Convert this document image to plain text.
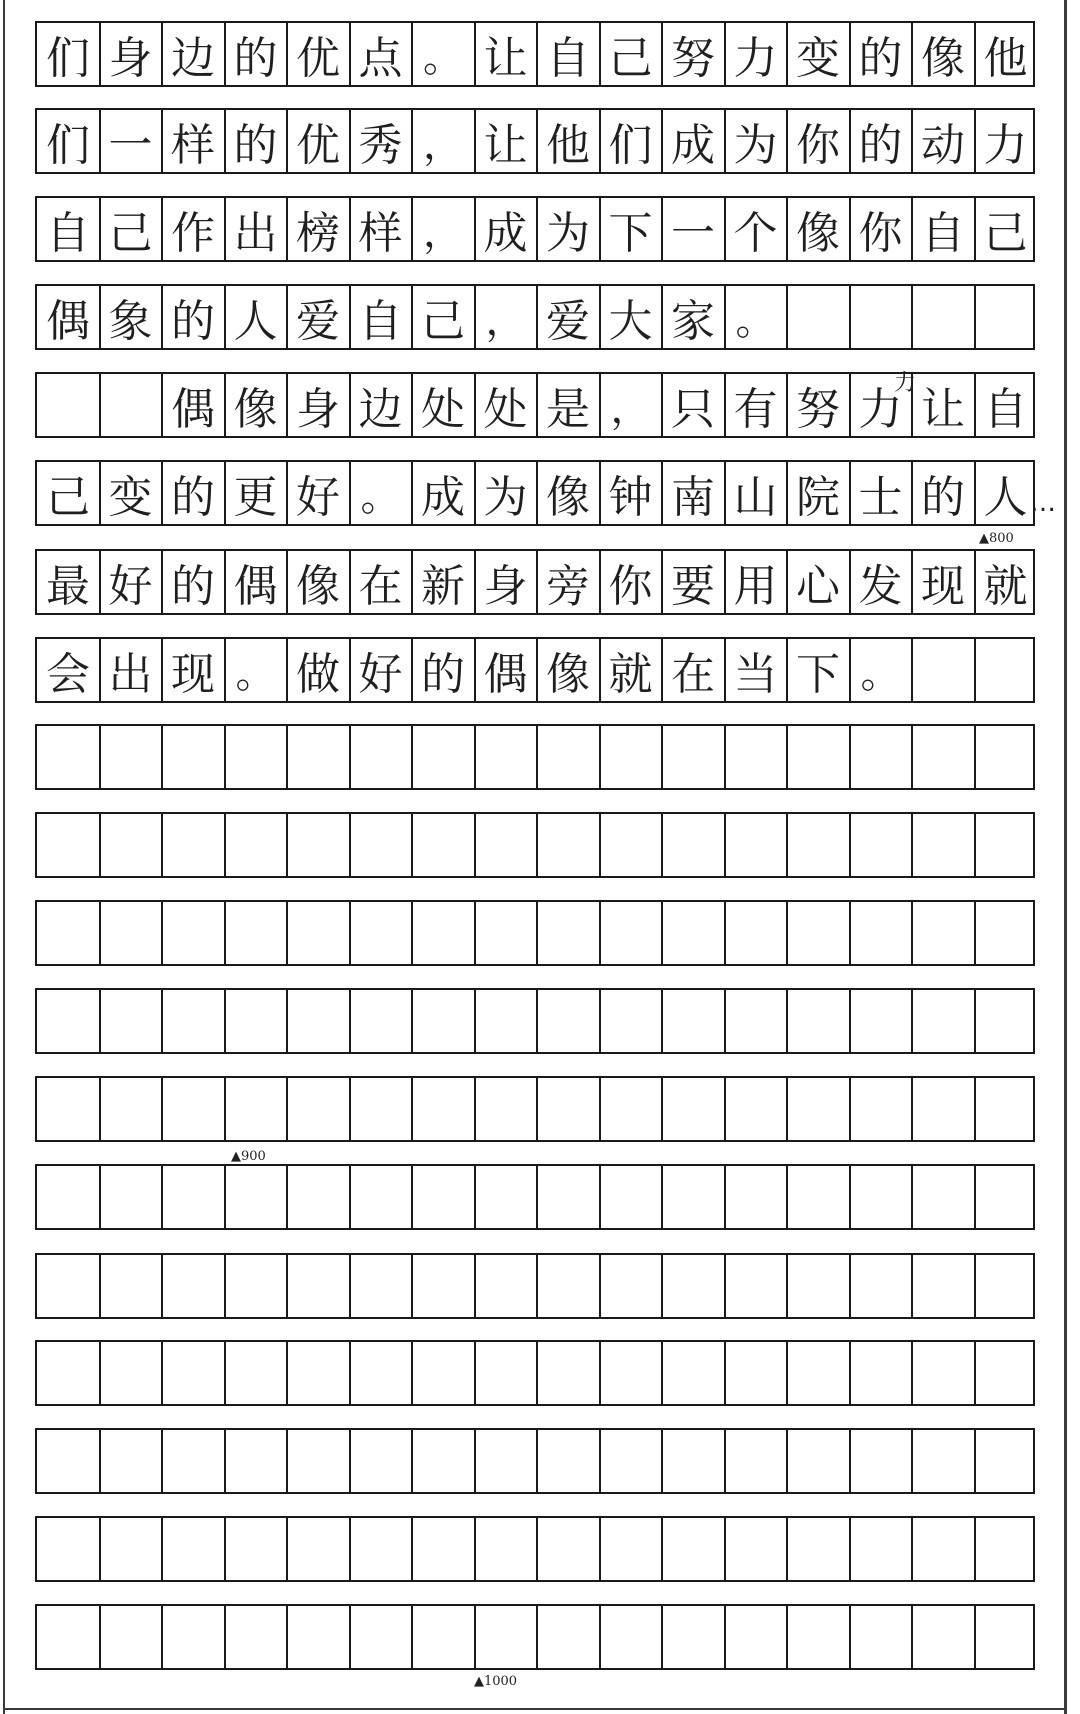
们 身 边 的 优 点 。 让 自 己 努 力 变 的 像 他
们 一 样 的 优 秀 ， 让 他 们 成 为 你 的 动 力
自 己 作 出 榜 样 ， 成 为 下 一 个 像 你 自 己
偶 象 的 人 爱 自 己 ， 爱 大 家 。
偶 像 身 边 处 处 是 ， 只 有 努 力 让 自
己 变 的 更 好 。 成 为 像 钟 南 山 院 士 的 人
最 好 的 偶 像 在 新 身 旁 你 要 用 心 发 现 就
会 出 现 。 做 好 的 偶 像 就 在 当 下 。
力
…
▲800
▲900
▲1000
